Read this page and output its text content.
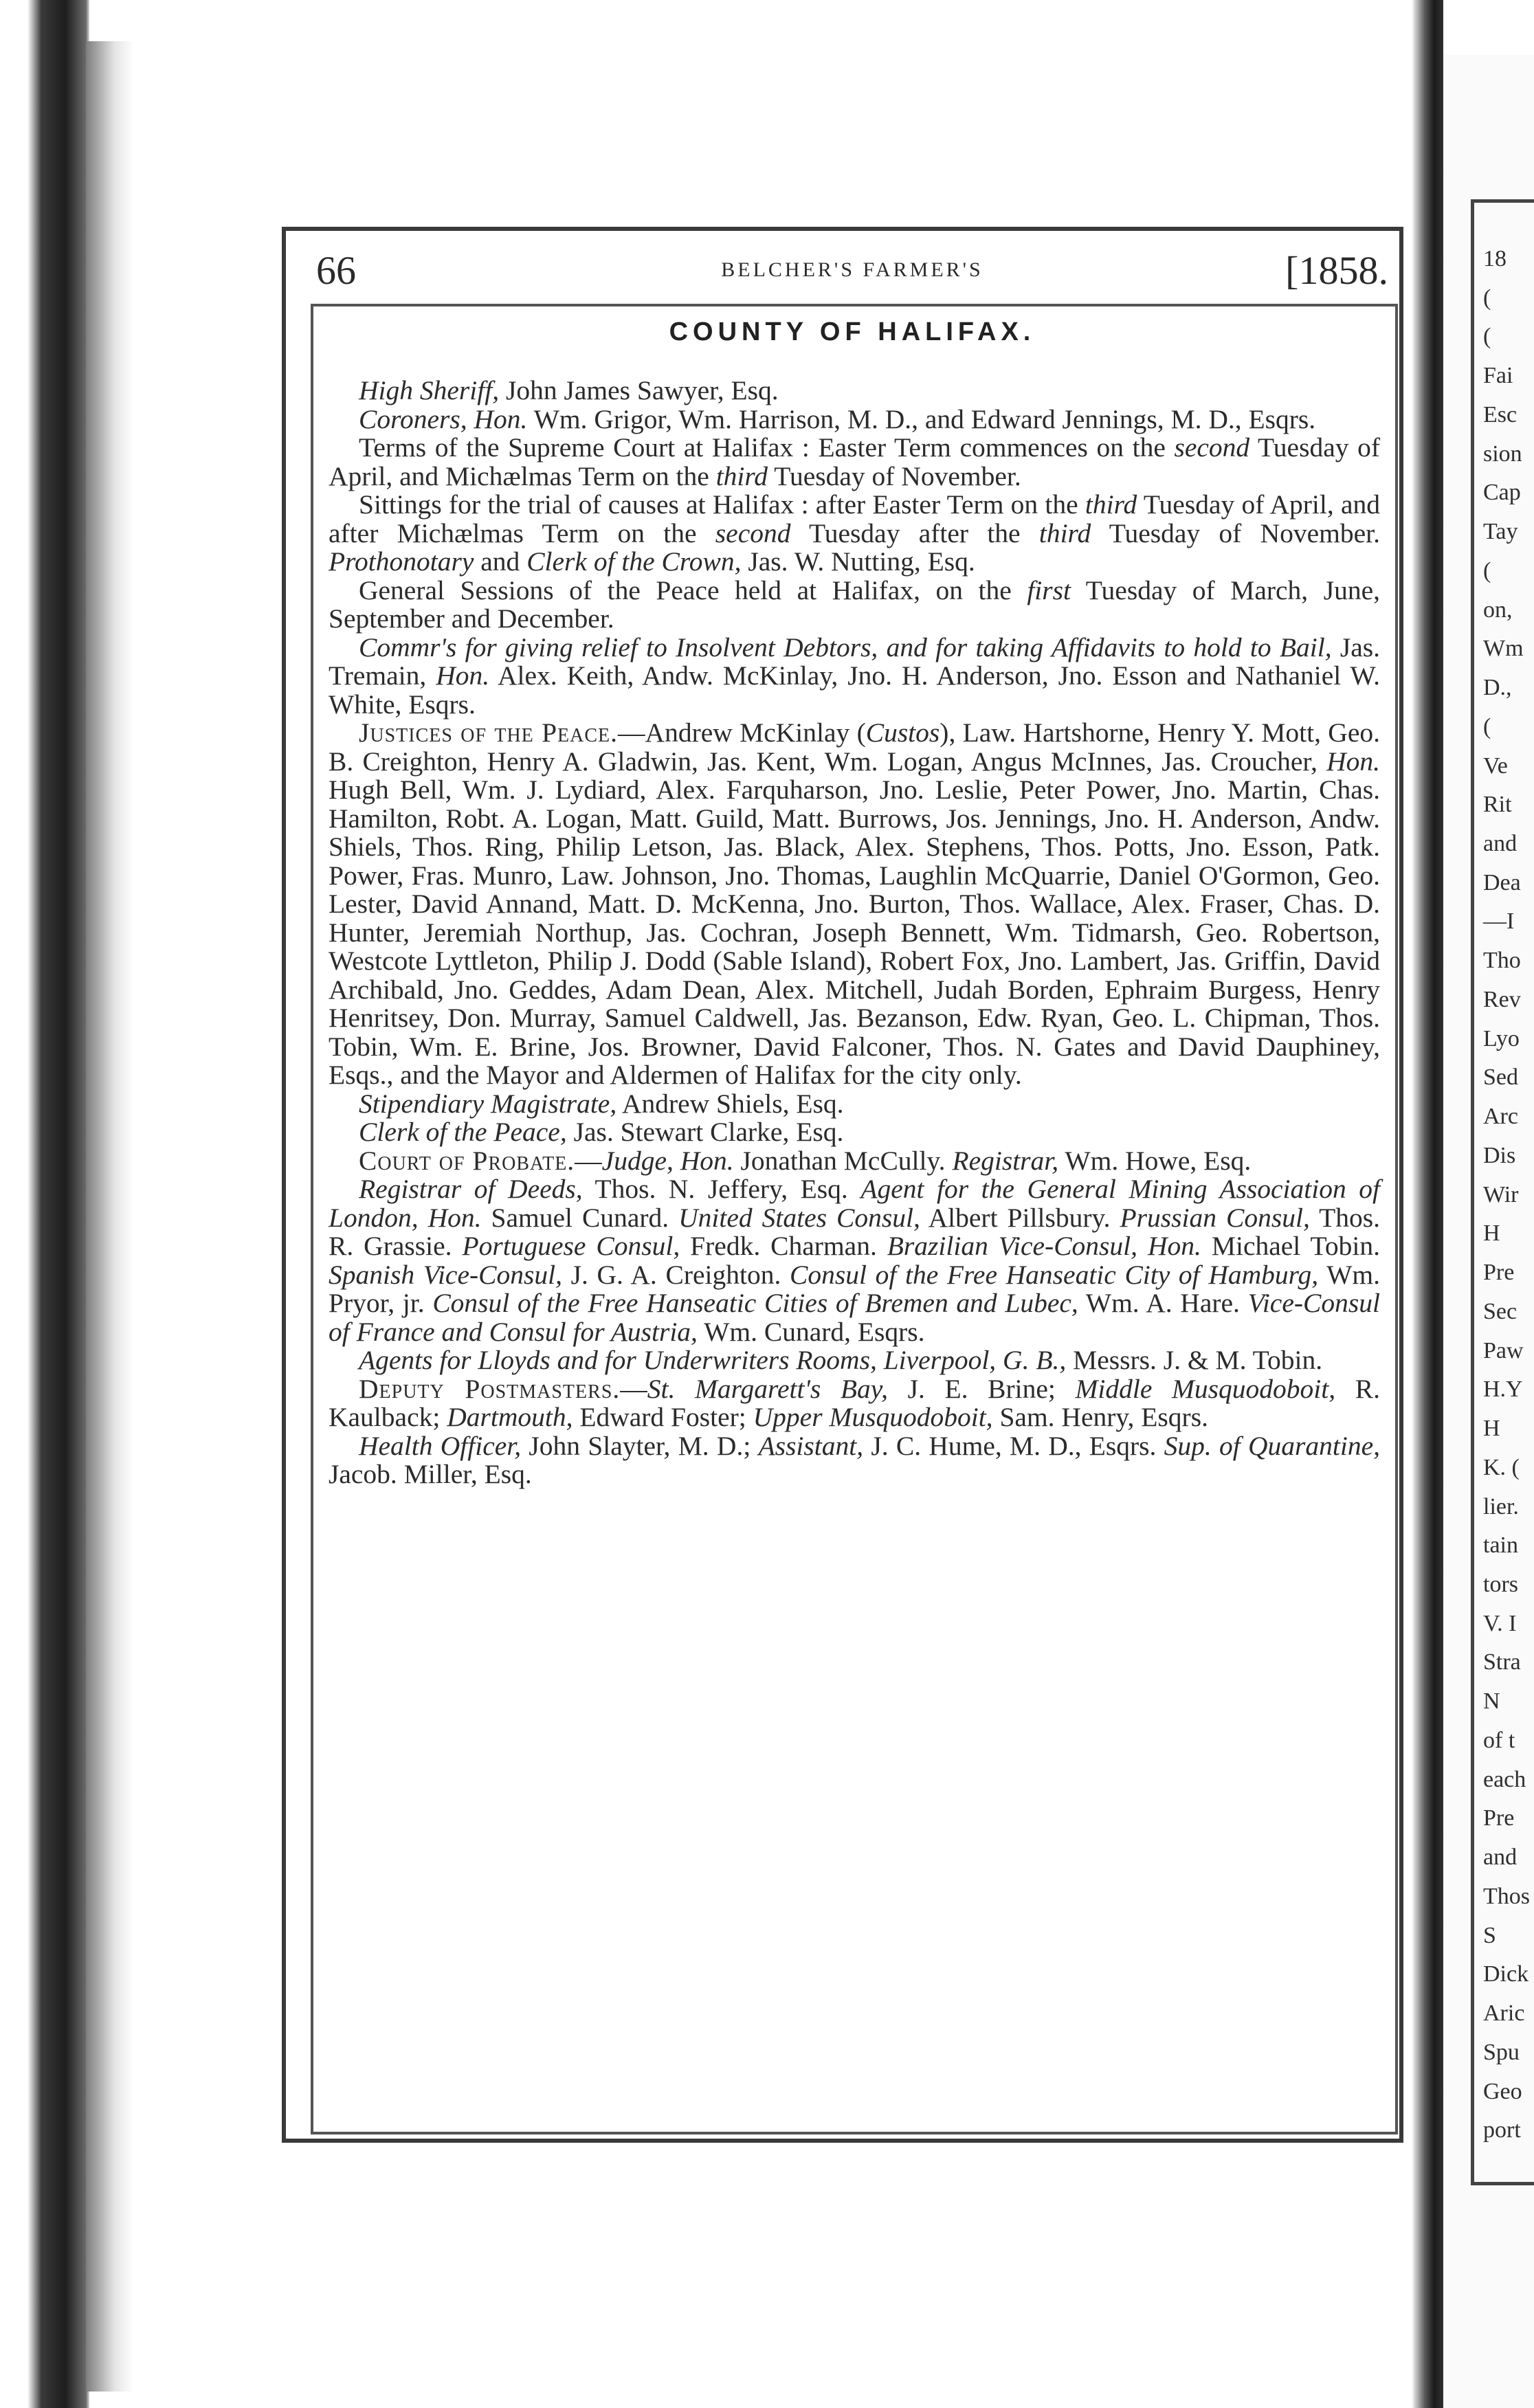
18
(
(
Fai
Esc
sion
Cap
Tay
(
on,
Wm
D.,
(
Ve
Rit
and
Dea
—I
Tho
Rev
Lyo
Sed
Arc
Dis
Wir
H
Pre
Sec
Paw
H.Y
H
K. (
lier.
tain
tors
V. I
Stra
N
of t
each
Pre
and
Thos
S
Dick
Aric
Spu
Geo
port
66	BELCHER'S FARMER'S	[1858.
COUNTY OF HALIFAX.

High Sheriff, John James Sawyer, Esq.

Coroners, Hon. Wm. Grigor, Wm. Harrison, M. D., and Edward Jennings, M. D., Esqrs.

Terms of the Supreme Court at Halifax : Easter Term commences on the second Tuesday of April, and Michælmas Term on the third Tuesday of November.

Sittings for the trial of causes at Halifax : after Easter Term on the third Tuesday of April, and after Michælmas Term on the second Tuesday after the third Tuesday of November. Prothonotary and Clerk of the Crown, Jas. W. Nutting, Esq.

General Sessions of the Peace held at Halifax, on the first Tuesday of March, June, September and December.

Commr's for giving relief to Insolvent Debtors, and for taking Affidavits to hold to Bail, Jas. Tremain, Hon. Alex. Keith, Andw. McKinlay, Jno. H. Anderson, Jno. Esson and Nathaniel W. White, Esqrs.

Justices of the Peace.—Andrew McKinlay (Custos), Law. Hartshorne, Henry Y. Mott, Geo. B. Creighton, Henry A. Gladwin, Jas. Kent, Wm. Logan, Angus McInnes, Jas. Croucher, Hon. Hugh Bell, Wm. J. Lydiard, Alex. Farquharson, Jno. Leslie, Peter Power, Jno. Martin, Chas. Hamilton, Robt. A. Logan, Matt. Guild, Matt. Burrows, Jos. Jennings, Jno. H. Anderson, Andw. Shiels, Thos. Ring, Philip Letson, Jas. Black, Alex. Stephens, Thos. Potts, Jno. Esson, Patk. Power, Fras. Munro, Law. Johnson, Jno. Thomas, Laughlin McQuarrie, Daniel O'Gormon, Geo. Lester, David Annand, Matt. D. McKenna, Jno. Burton, Thos. Wallace, Alex. Fraser, Chas. D. Hunter, Jeremiah Northup, Jas. Cochran, Joseph Bennett, Wm. Tidmarsh, Geo. Robertson, Westcote Lyttleton, Philip J. Dodd (Sable Island), Robert Fox, Jno. Lambert, Jas. Griffin, David Archibald, Jno. Geddes, Adam Dean, Alex. Mitchell, Judah Borden, Ephraim Burgess, Henry Henritsey, Don. Murray, Samuel Caldwell, Jas. Bezanson, Edw. Ryan, Geo. L. Chipman, Thos. Tobin, Wm. E. Brine, Jos. Browner, David Falconer, Thos. N. Gates and David Dauphiney, Esqs., and the Mayor and Aldermen of Halifax for the city only.

Stipendiary Magistrate, Andrew Shiels, Esq.

Clerk of the Peace, Jas. Stewart Clarke, Esq.

Court of Probate.—Judge, Hon. Jonathan McCully. Registrar, Wm. Howe, Esq.

Registrar of Deeds, Thos. N. Jeffery, Esq. Agent for the General Mining Association of London, Hon. Samuel Cunard. United States Consul, Albert Pillsbury. Prussian Consul, Thos. R. Grassie. Portuguese Consul, Fredk. Charman. Brazilian Vice-Consul, Hon. Michael Tobin. Spanish Vice-Consul, J. G. A. Creighton. Consul of the Free Hanseatic City of Hamburg, Wm. Pryor, jr. Consul of the Free Hanseatic Cities of Bremen and Lubec, Wm. A. Hare. Vice-Consul of France and Consul for Austria, Wm. Cunard, Esqrs.

Agents for Lloyds and for Underwriters Rooms, Liverpool, G. B., Messrs. J. & M. Tobin.

Deputy Postmasters.—St. Margarett's Bay, J. E. Brine; Middle Musquodoboit, R. Kaulback; Dartmouth, Edward Foster; Upper Musquodoboit, Sam. Henry, Esqrs.

Health Officer, John Slayter, M. D.; Assistant, J. C. Hume, M. D., Esqrs. Sup. of Quarantine, Jacob. Miller, Esq.
